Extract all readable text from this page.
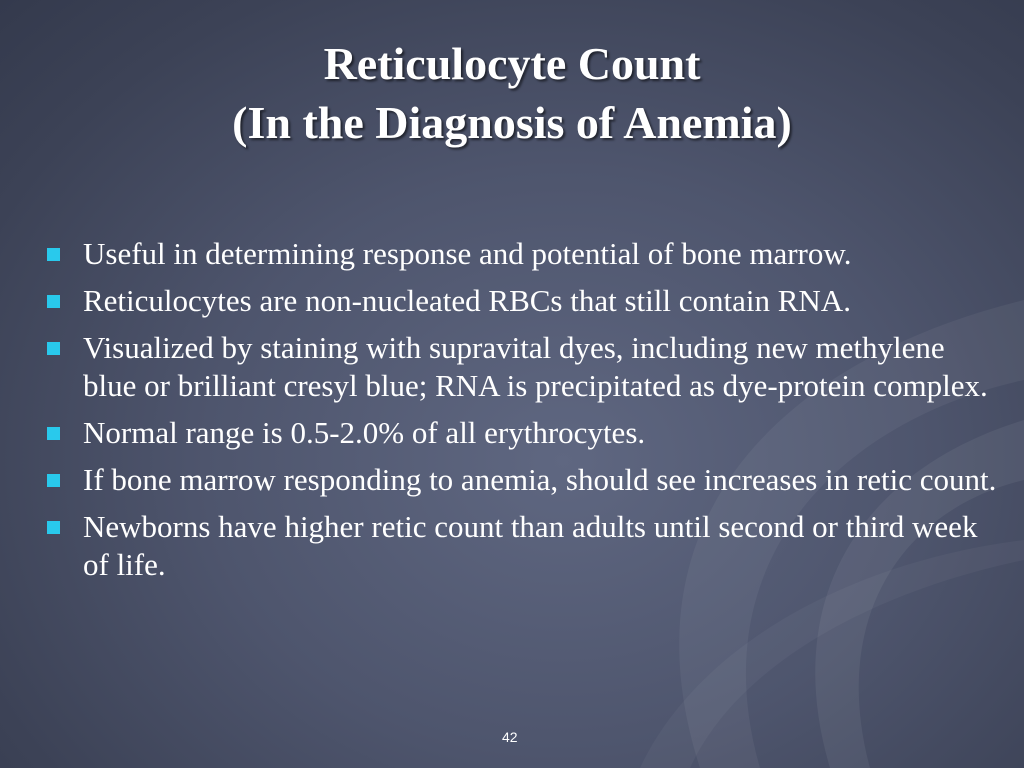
Reticulocyte Count
(In the Diagnosis of Anemia)
Useful in determining response and potential of bone marrow.
Reticulocytes are non-nucleated RBCs that still contain RNA.
Visualized by staining with supravital dyes, including new methylene blue or brilliant cresyl blue; RNA is precipitated as dye-protein complex.
Normal range is 0.5-2.0% of all erythrocytes.
If bone marrow responding to anemia, should see increases in retic count.
Newborns have higher retic count than adults until second or third week of life.
42
